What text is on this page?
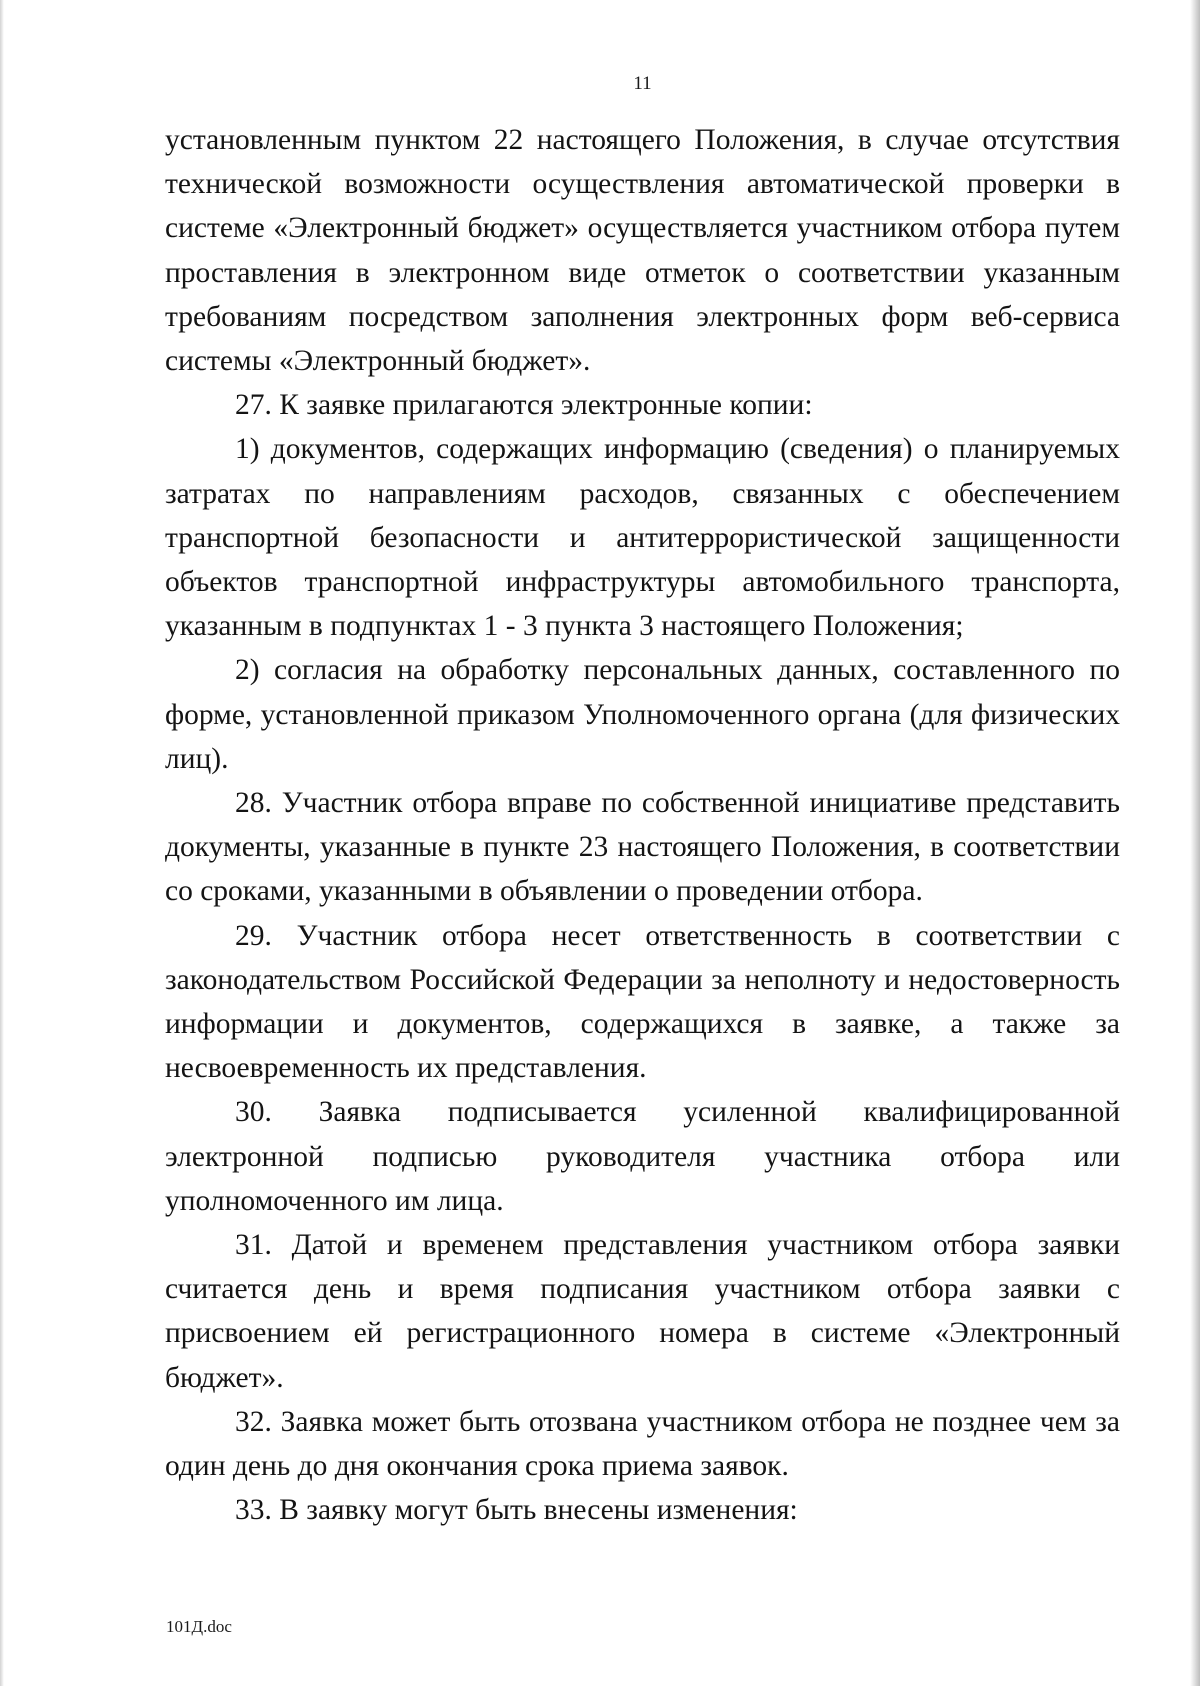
11

установленным пунктом 22 настоящего Положения, в случае отсутствия технической возможности осуществления автоматической проверки в системе «Электронный бюджет» осуществляется участником отбора путем проставления в электронном виде отметок о соответствии указанным требованиям посредством заполнения электронных форм веб-сервиса системы «Электронный бюджет».

27. К заявке прилагаются электронные копии:

1) документов, содержащих информацию (сведения) о планируемых затратах по направлениям расходов, связанных с обеспечением транспортной безопасности и антитеррористической защищенности объектов транспортной инфраструктуры автомобильного транспорта, указанным в подпунктах 1 - 3 пункта 3 настоящего Положения;

2) согласия на обработку персональных данных, составленного по форме, установленной приказом Уполномоченного органа (для физических лиц).

28. Участник отбора вправе по собственной инициативе представить документы, указанные в пункте 23 настоящего Положения, в соответствии со сроками, указанными в объявлении о проведении отбора.

29. Участник отбора несет ответственность в соответствии с законодательством Российской Федерации за неполноту и недостоверность информации и документов, содержащихся в заявке, а также за несвоевременность их представления.

30. Заявка подписывается усиленной квалифицированной электронной подписью руководителя участника отбора или уполномоченного им лица.

31. Датой и временем представления участником отбора заявки считается день и время подписания участником отбора заявки с присвоением ей регистрационного номера в системе «Электронный бюджет».

32. Заявка может быть отозвана участником отбора не позднее чем за один день до дня окончания срока приема заявок.

33. В заявку могут быть внесены изменения:

101Д.doc
